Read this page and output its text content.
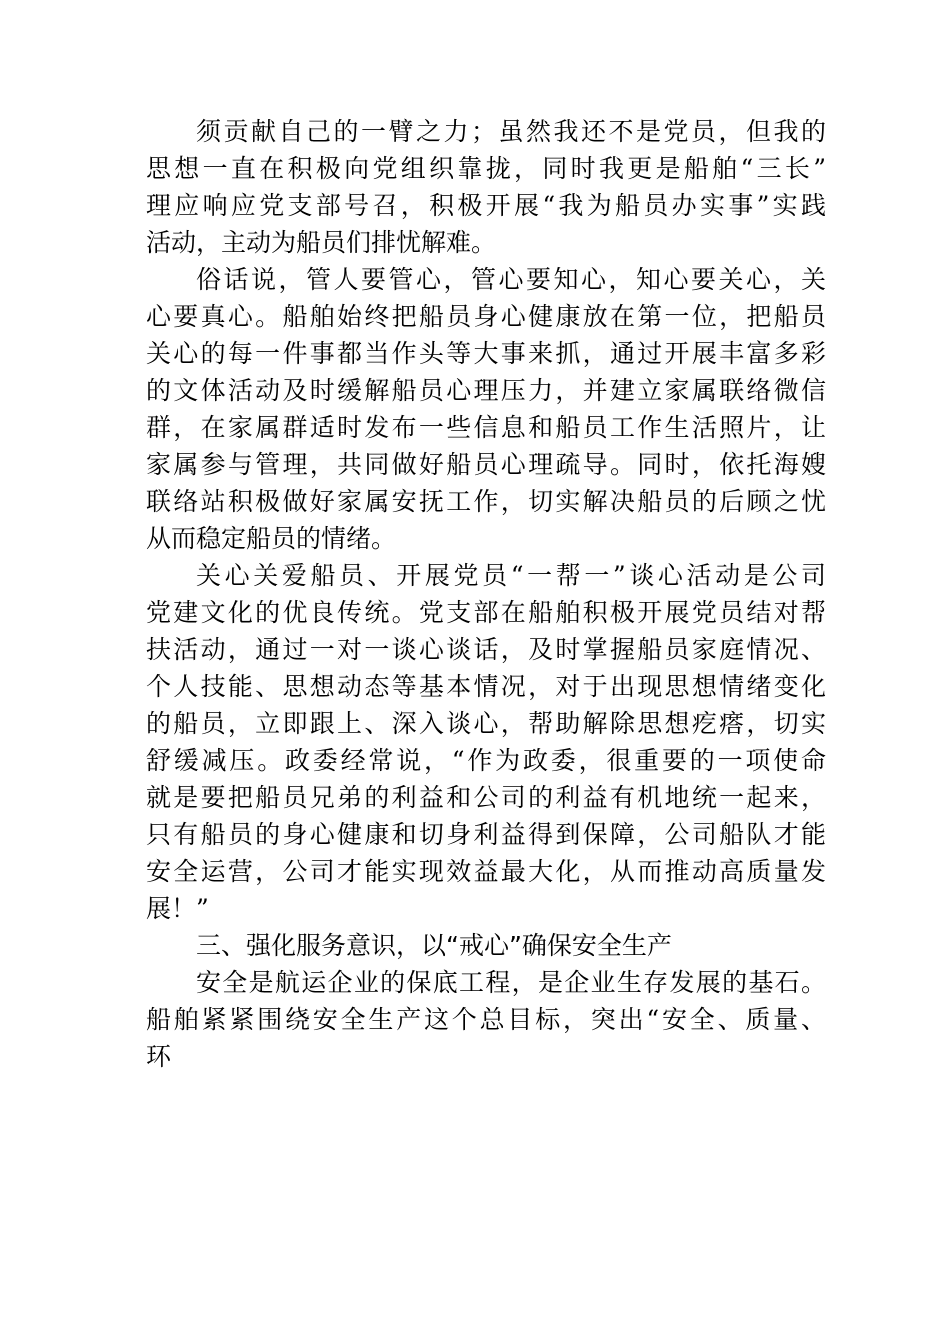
须贡献自己的一臂之力；虽然我还不是党员，但我的
思想一直在积极向党组织靠拢，同时我更是船舶“三长”
理应响应党支部号召，积极开展“我为船员办实事”实践
活动，主动为船员们排忧解难。
俗话说，管人要管心，管心要知心，知心要关心，关
心要真心。船舶始终把船员身心健康放在第一位，把船员
关心的每一件事都当作头等大事来抓，通过开展丰富多彩
的文体活动及时缓解船员心理压力，并建立家属联络微信
群，在家属群适时发布一些信息和船员工作生活照片，让
家属参与管理，共同做好船员心理疏导。同时，依托海嫂
联络站积极做好家属安抚工作，切实解决船员的后顾之忧
从而稳定船员的情绪。
关心关爱船员、开展党员“一帮一”谈心活动是公司
党建文化的优良传统。党支部在船舶积极开展党员结对帮
扶活动，通过一对一谈心谈话，及时掌握船员家庭情况、
个人技能、思想动态等基本情况，对于出现思想情绪变化
的船员，立即跟上、深入谈心，帮助解除思想疙瘩，切实
舒缓减压。政委经常说，“作为政委，很重要的一项使命
就是要把船员兄弟的利益和公司的利益有机地统一起来，
只有船员的身心健康和切身利益得到保障，公司船队才能
安全运营，公司才能实现效益最大化，从而推动高质量发
展！”
三、强化服务意识，以“戒心”确保安全生产
安全是航运企业的保底工程，是企业生存发展的基石。
船舶紧紧围绕安全生产这个总目标，突出“安全、质量、
环
